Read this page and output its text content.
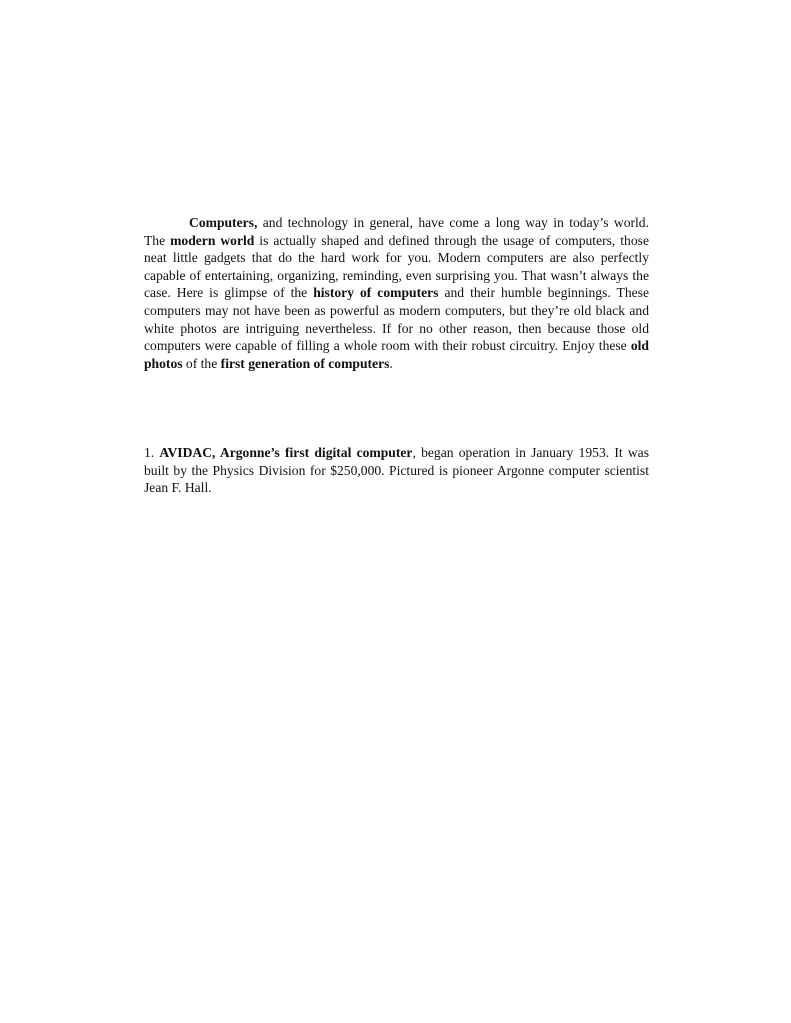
Computers, and technology in general, have come a long way in today’s world. The modern world is actually shaped and defined through the usage of computers, those neat little gadgets that do the hard work for you. Modern computers are also perfectly capable of entertaining, organizing, reminding, even surprising you. That wasn’t always the case. Here is glimpse of the history of computers and their humble beginnings. These computers may not have been as powerful as modern computers, but they’re old black and white photos are intriguing nevertheless. If for no other reason, then because those old computers were capable of filling a whole room with their robust circuitry. Enjoy these old photos of the first generation of computers.

1. AVIDAC, Argonne’s first digital computer, began operation in January 1953. It was built by the Physics Division for $250,000. Pictured is pioneer Argonne computer scientist Jean F. Hall.
